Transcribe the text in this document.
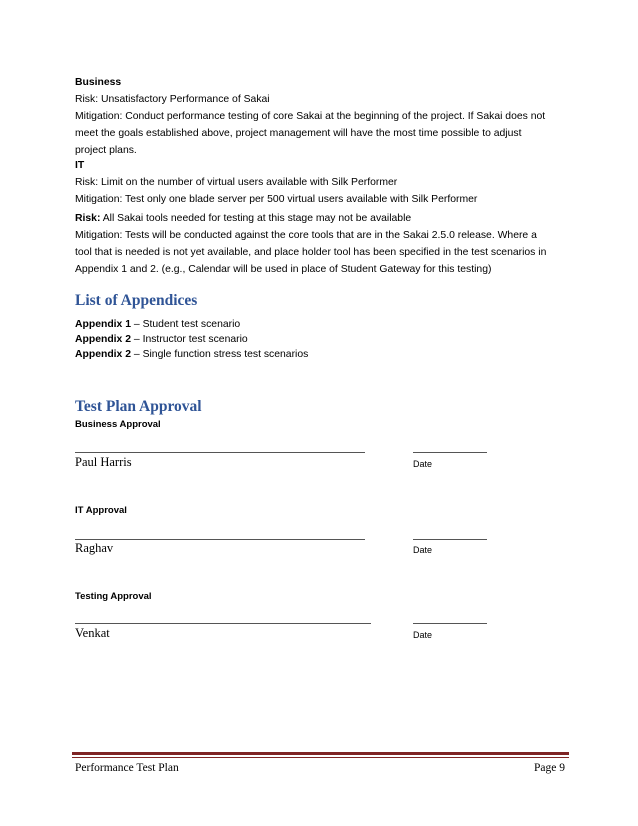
Business
Risk: Unsatisfactory Performance of Sakai
Mitigation: Conduct performance testing of core Sakai at the beginning of the project. If Sakai does not
meet the goals established above, project management will have the most time possible to adjust
project plans.
IT
Risk: Limit on the number of virtual users available with Silk Performer
Mitigation: Test only one blade server per 500 virtual users available with Silk Performer
Risk: All Sakai tools needed for testing at this stage may not be available
Mitigation: Tests will be conducted against the core tools that are in the Sakai 2.5.0 release. Where a
tool that is needed is not yet available, and place holder tool has been specified in the test scenarios in
Appendix 1 and 2. (e.g., Calendar will be used in place of Student Gateway for this testing)
List of Appendices
Appendix 1 – Student test scenario
Appendix 2 – Instructor test scenario
Appendix 2 – Single function stress test scenarios
Test Plan Approval
Business Approval
Paul Harris	Date
IT Approval
Raghav	Date
Testing Approval
Venkat	Date
Performance Test Plan	Page 9
